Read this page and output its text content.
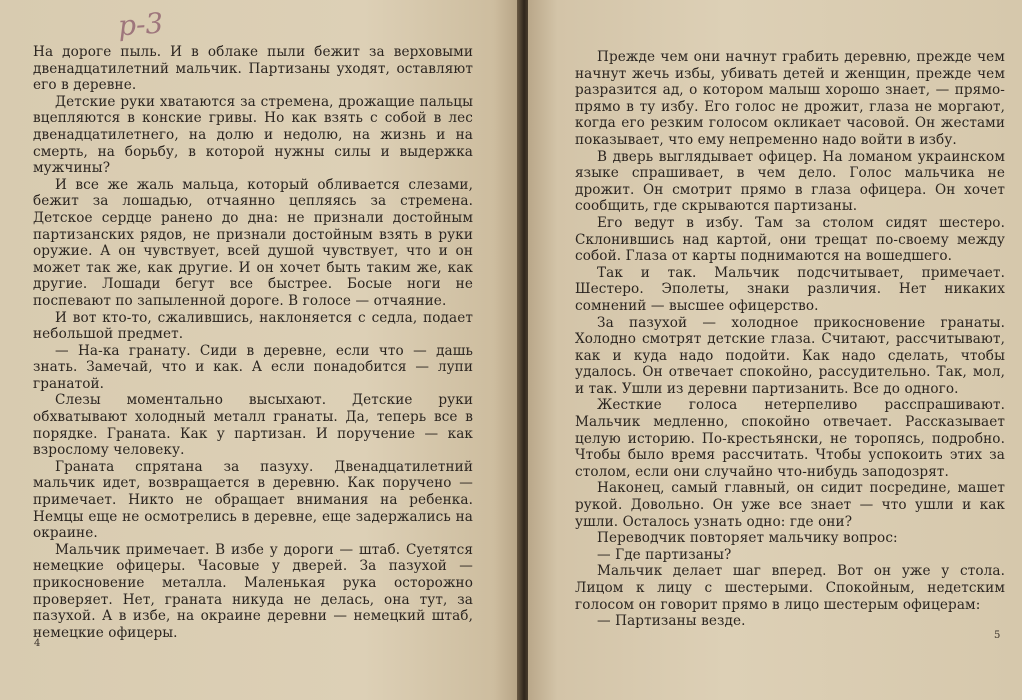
р-3

На дороге пыль. И в облаке пыли бежит за верховыми двенадцатилетний мальчик. Партизаны уходят, оставляют его в деревне.

Детские руки хватаются за стремена, дрожащие пальцы вцепляются в конские гривы. Но как взять с собой в лес двенадцатилетнего, на долю и недолю, на жизнь и на смерть, на борьбу, в которой нужны силы и выдержка мужчины?

И все же жаль мальца, который обливается слезами, бежит за лошадью, отчаянно цепляясь за стремена. Детское сердце ранено до дна: не признали достойным партизанских рядов, не признали достойным взять в руки оружие. А он чувствует, всей душой чувствует, что и он может так же, как другие. И он хочет быть таким же, как другие. Лошади бегут все быстрее. Босые ноги не поспевают по запыленной дороге. В голосе — отчаяние.

И вот кто-то, сжалившись, наклоняется с седла, подает небольшой предмет.

— На-ка гранату. Сиди в деревне, если что — дашь знать. Замечай, что и как. А если понадобится — лупи гранатой.

Слезы моментально высыхают. Детские руки обхватывают холодный металл гранаты. Да, теперь все в порядке. Граната. Как у партизан. И поручение — как взрослому человеку.

Граната спрятана за пазуху. Двенадцатилетний мальчик идет, возвращается в деревню. Как поручено — примечает. Никто не обращает внимания на ребенка. Немцы еще не осмотрелись в деревне, еще задержались на окраине.

Мальчик примечает. В избе у дороги — штаб. Суетятся немецкие офицеры. Часовые у дверей. За пазухой — прикосновение металла. Маленькая рука осторожно проверяет. Нет, граната никуда не делась, она тут, за пазухой. А в избе, на окраине деревни — немецкий штаб, немецкие офицеры.

4

Прежде чем они начнут грабить деревню, прежде чем начнут жечь избы, убивать детей и женщин, прежде чем разразится ад, о котором малыш хорошо знает, — прямо-прямо в ту избу. Его голос не дрожит, глаза не моргают, когда его резким голосом окликает часовой. Он жестами показывает, что ему непременно надо войти в избу.

В дверь выглядывает офицер. На ломаном украинском языке спрашивает, в чем дело. Голос мальчика не дрожит. Он смотрит прямо в глаза офицера. Он хочет сообщить, где скрываются партизаны.

Его ведут в избу. Там за столом сидят шестеро. Склонившись над картой, они трещат по-своему между собой. Глаза от карты поднимаются на вошедшего.

Так и так. Мальчик подсчитывает, примечает. Шестеро. Эполеты, знаки различия. Нет никаких сомнений — высшее офицерство.

За пазухой — холодное прикосновение гранаты. Холодно смотрят детские глаза. Считают, рассчитывают, как и куда надо подойти. Как надо сделать, чтобы удалось. Он отвечает спокойно, рассудительно. Так, мол, и так. Ушли из деревни партизанить. Все до одного.

Жесткие голоса нетерпеливо расспрашивают. Мальчик медленно, спокойно отвечает. Рассказывает целую историю. По-крестьянски, не торопясь, подробно. Чтобы было время рассчитать. Чтобы успокоить этих за столом, если они случайно что-нибудь заподозрят.

Наконец, самый главный, он сидит посредине, машет рукой. Довольно. Он уже все знает — что ушли и как ушли. Осталось узнать одно: где они?

Переводчик повторяет мальчику вопрос:

— Где партизаны?

Мальчик делает шаг вперед. Вот он уже у стола. Лицом к лицу с шестерыми. Спокойным, недетским голосом он говорит прямо в лицо шестерым офицерам:

— Партизаны везде.

5
